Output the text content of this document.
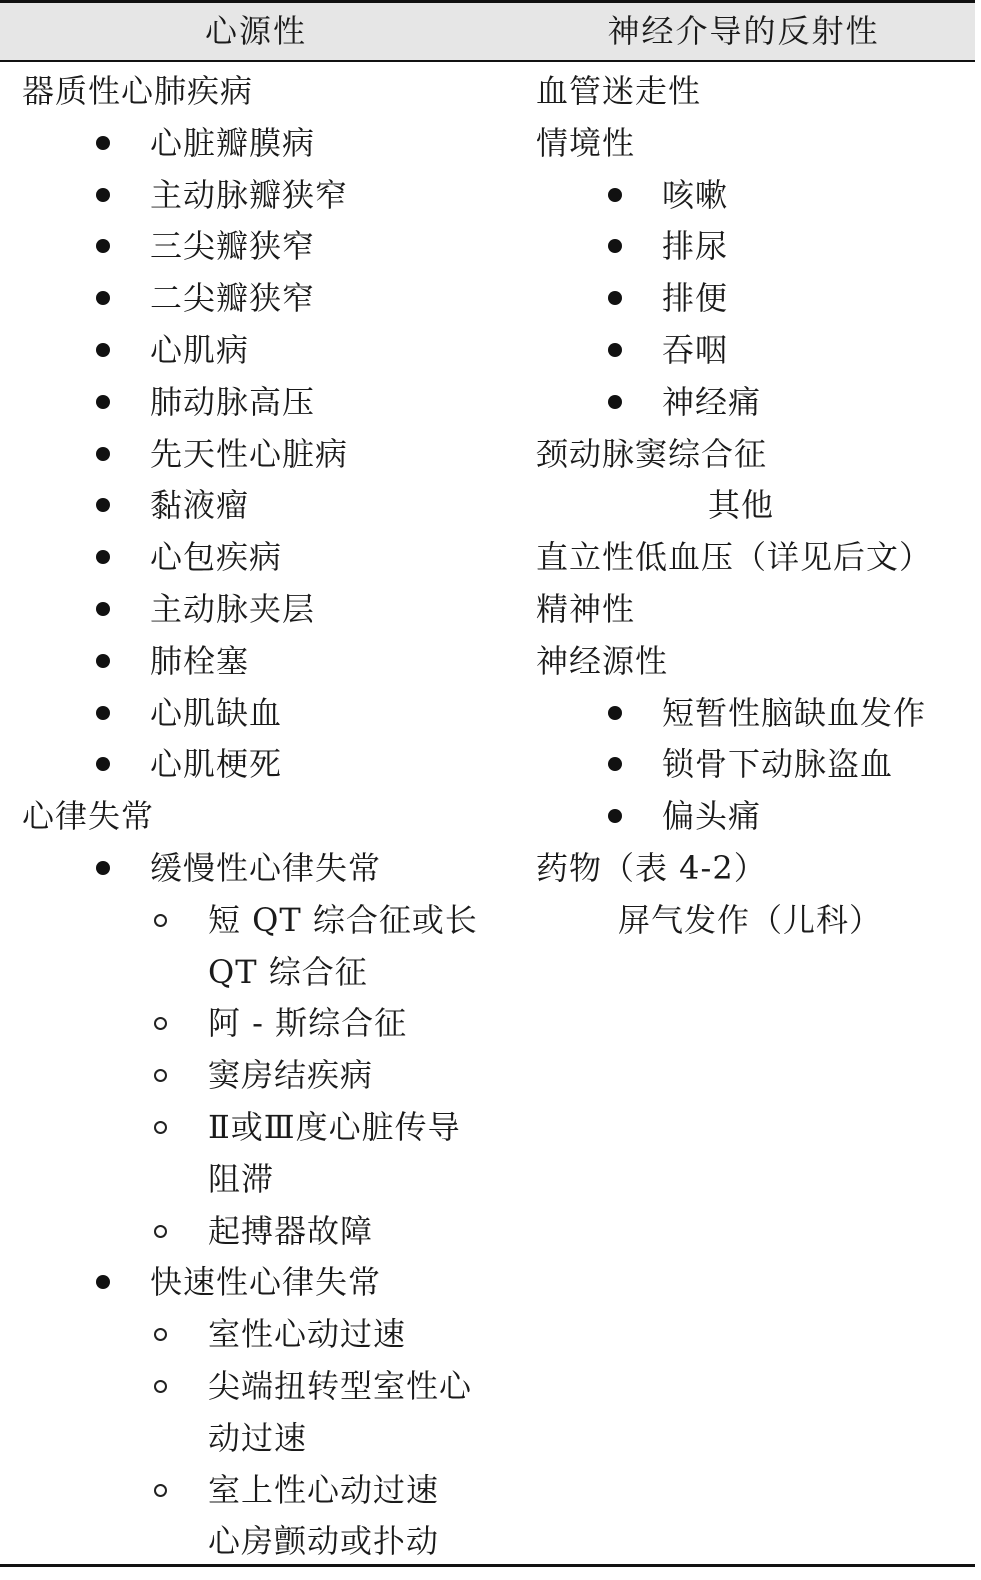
心源性	神经介导的反射性
器质性心肺疾病
心脏瓣膜病
主动脉瓣狭窄
三尖瓣狭窄
二尖瓣狭窄
心肌病
肺动脉高压
先天性心脏病
黏液瘤
心包疾病
主动脉夹层
肺栓塞
心肌缺血
心肌梗死
心律失常
缓慢性心律失常
短 QT 综合征或长
QT 综合征
阿 - 斯综合征
窦房结疾病
Ⅱ或Ⅲ度心脏传导
阻滞
起搏器故障
快速性心律失常
室性心动过速
尖端扭转型室性心
动过速
室上性心动过速
心房颤动或扑动
血管迷走性
情境性
咳嗽
排尿
排便
吞咽
神经痛
颈动脉窦综合征
其他
直立性低血压（详见后文）
精神性
神经源性
短暂性脑缺血发作
锁骨下动脉盗血
偏头痛
药物（表 4-2）
屏气发作（儿科）
